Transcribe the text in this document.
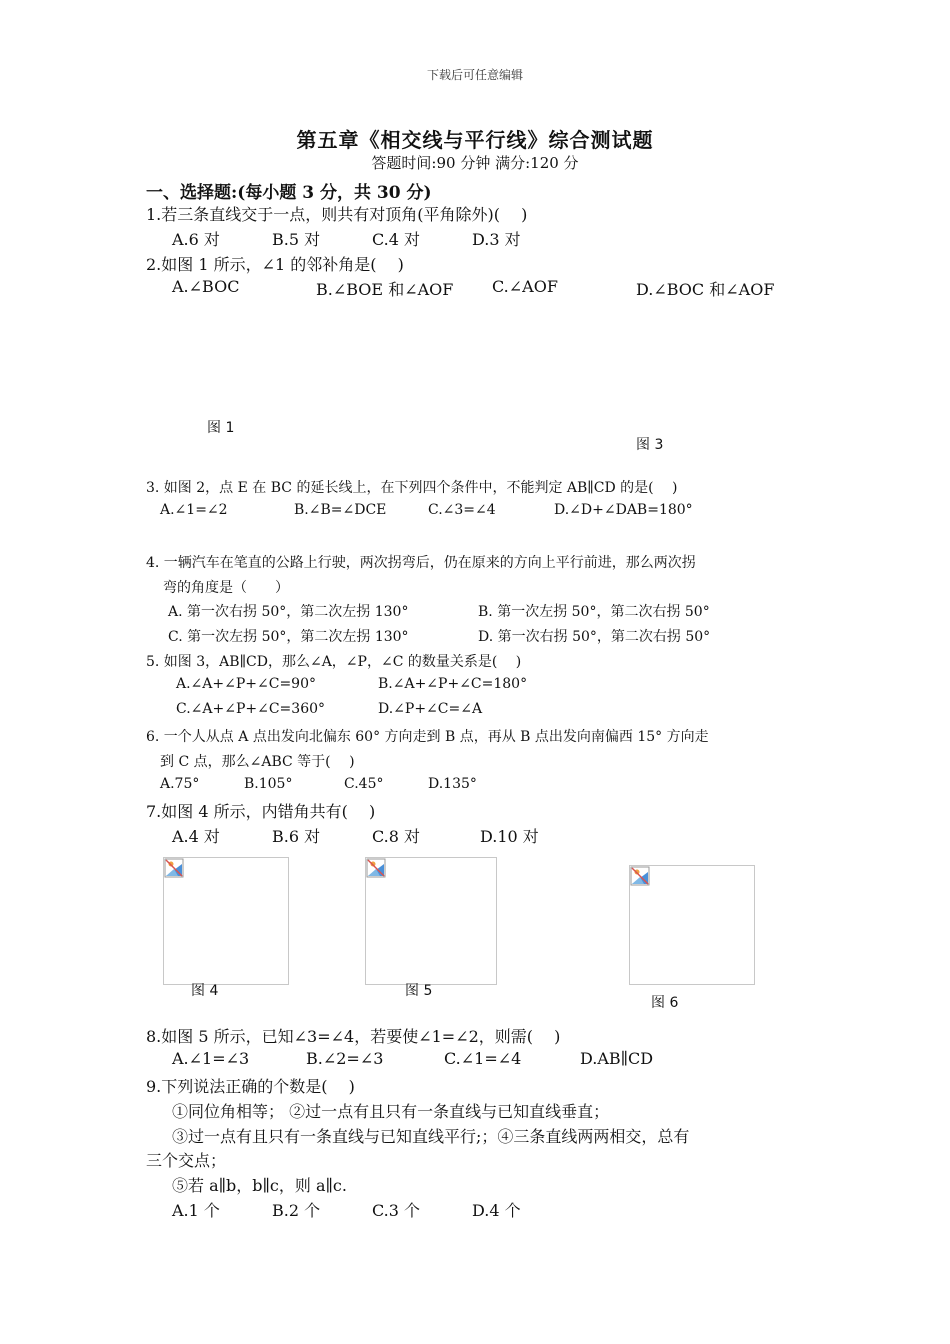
下载后可任意编辑
第五章《相交线与平行线》综合测试题
答题时间:90 分钟 满分:120 分
一、选择题:(每小题 3 分，共 30 分)
1.若三条直线交于一点，则共有对顶角(平角除外)(　 )
A.6 对	B.5 对	C.4 对	D.3 对
2.如图 1 所示，∠1 的邻补角是(　 )
A.∠BOC	B.∠BOE 和∠AOF C.∠AOF	D.∠BOC 和∠AOF
图 1
图 3
3. 如图 2，点 E 在 BC 的延长线上，在下列四个条件中，不能判定 AB∥CD 的是(　 )
A.∠1=∠2	B.∠B=∠DCE	C.∠3=∠4	D.∠D+∠DAB=180°
4. 一辆汽车在笔直的公路上行驶，两次拐弯后，仍在原来的方向上平行前进，那么两次拐
弯的角度是（　　）
A. 第一次右拐 50°，第二次左拐 130°	B. 第一次左拐 50°，第二次右拐 50°
C. 第一次左拐 50°，第二次左拐 130°	D. 第一次右拐 50°，第二次右拐 50°
5. 如图 3，AB∥CD，那么∠A，∠P，∠C 的数量关系是(　 )
A.∠A+∠P+∠C=90°	B.∠A+∠P+∠C=180°
C.∠A+∠P+∠C=360°	D.∠P+∠C=∠A
6. 一个人从点 A 点出发向北偏东 60° 方向走到 B 点，再从 B 点出发向南偏西 15° 方向走
到 C 点，那么∠ABC 等于(　 )
A.75°	B.105°	C.45°	D.135°
7.如图 4 所示，内错角共有(　 )
A.4 对	B.6 对	C.8 对	D.10 对
图 4	图 5
图 6
8.如图 5 所示，已知∠3=∠4，若要使∠1=∠2，则需(　 )
A.∠1=∠3	B.∠2=∠3	C.∠1=∠4	D.AB∥CD
9.下列说法正确的个数是(　 )
①同位角相等； ②过一点有且只有一条直线与已知直线垂直；
③过一点有且只有一条直线与已知直线平行;；④三条直线两两相交，总有
三个交点；
⑤若 a∥b，b∥c，则 a∥c.
A.1 个	B.2 个	C.3 个	D.4 个
